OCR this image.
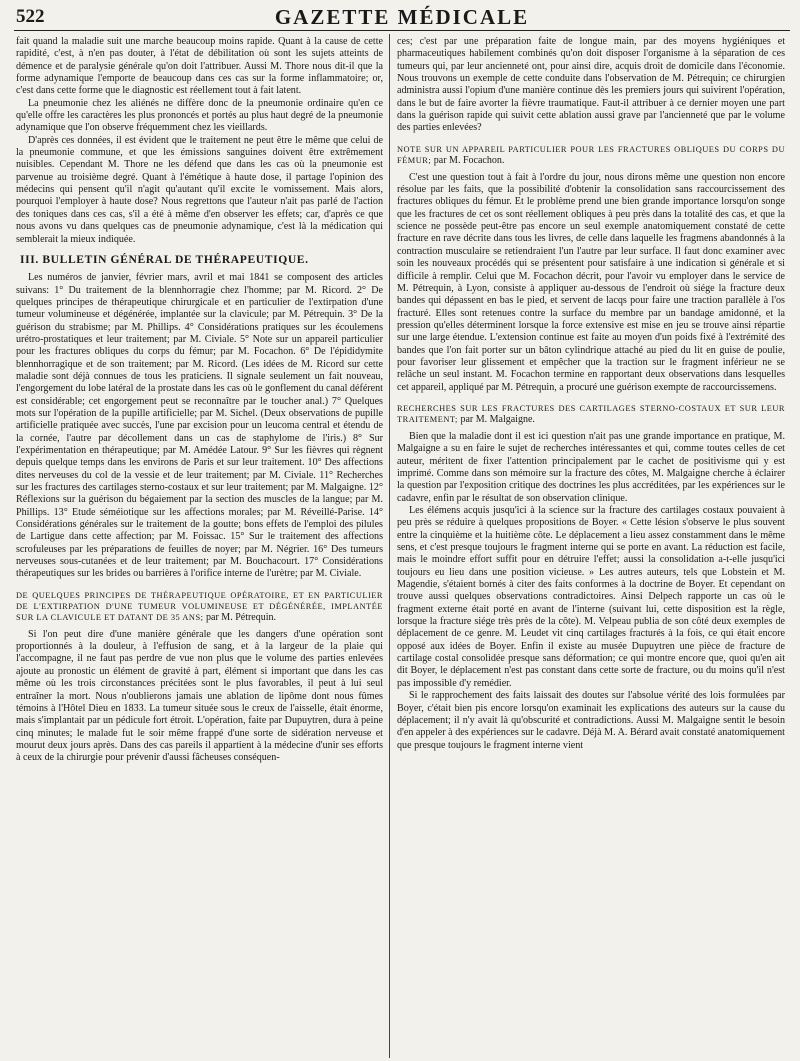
522	GAZETTE MÉDICALE

fait quand la maladie suit une marche beaucoup moins rapide. Quant à la cause de cette rapidité, c'est, à n'en pas douter, à l'état de débilitation où sont les sujets atteints de démence et de paralysie générale qu'on doit l'attribuer. Aussi M. Thore nous dit-il que la forme adynamique l'emporte de beaucoup dans ces cas sur la forme inflammatoire; or, c'est dans cette forme que le diagnostic est réellement tout à fait latent.

La pneumonie chez les aliénés ne diffère donc de la pneumonie ordinaire qu'en ce qu'elle offre les caractères les plus prononcés et portés au plus haut degré de la pneumonie adynamique que l'on observe fréquemment chez les vieillards.

D'après ces données, il est évident que le traitement ne peut être le même que celui de la pneumonie commune, et que les émissions sanguines doivent être extrêmement nuisibles. Cependant M. Thore ne les défend que dans les cas où la pneumonie est parvenue au troisième degré. Quant à l'émétique à haute dose, il partage l'opinion des médecins qui pensent qu'il n'agit qu'autant qu'il excite le vomissement. Mais alors, pourquoi l'employer à haute dose? Nous regrettons que l'auteur n'ait pas parlé de l'action des toniques dans ces cas, s'il a été à même d'en observer les effets; car, d'après ce que nous avons vu dans quelques cas de pneumonie adynamique, c'est là la médication qui semblerait la mieux indiquée.

III. BULLETIN GÉNÉRAL DE THÉRAPEUTIQUE.

Les numéros de janvier, février mars, avril et mai 1841 se composent des articles suivans: 1° Du traitement de la blennhorragie chez l'homme; par M. Ricord. 2° De quelques principes de thérapeutique chirurgicale et en particulier de l'extirpation d'une tumeur volumineuse et dégénérée, implantée sur la clavicule; par M. Pétrequin. 3° De la guérison du strabisme; par M. Phillips. 4° Considérations pratiques sur les écoulemens urétro-prostatiques et leur traitement; par M. Civiale. 5° Note sur un appareil particulier pour les fractures obliques du corps du fémur; par M. Focachon. 6° De l'épididymite blennhorragique et de son traitement; par M. Ricord. (Les idées de M. Ricord sur cette maladie sont déjà connues de tous les praticiens. Il signale seulement un fait nouveau, l'engorgement du lobe latéral de la prostate dans les cas où le gonflement du canal déférent est considérable; cet engorgement peut se reconnaître par le toucher anal.) 7° Quelques mots sur l'opération de la pupille artificielle; par M. Sichel. (Deux observations de pupille artificielle pratiquée avec succès, l'une par excision pour un leucoma central et étendu de la cornée, l'autre par décollement dans un cas de staphylome de l'iris.) 8° Sur l'expérimentation en thérapeutique; par M. Amédée Latour. 9° Sur les fièvres qui règnent depuis quelque temps dans les environs de Paris et sur leur traitement. 10° Des affections dites nerveuses du col de la vessie et de leur traitement; par M. Civiale. 11° Recherches sur les fractures des cartilages sterno-costaux et sur leur traitement; par M. Malgaigne. 12° Réflexions sur la guérison du bégaiement par la section des muscles de la langue; par M. Phillips. 13° Etude séméiotique sur les affections morales; par M. Réveillé-Parise. 14° Considérations générales sur le traitement de la goutte; bons effets de l'emploi des pilules de Lartigue dans cette affection; par M. Foissac. 15° Sur le traitement des affections scrofuleuses par les préparations de feuilles de noyer; par M. Négrier. 16° Des tumeurs nerveuses sous-cutanées et de leur traitement; par M. Bouchacourt. 17° Considérations thérapeutiques sur les brides ou barrières à l'orifice interne de l'urètre; par M. Civiale.

DE QUELQUES PRINCIPES DE THÉRAPEUTIQUE OPÉRATOIRE, ET EN PARTICULIER DE L'EXTIRPATION D'UNE TUMEUR VOLUMINEUSE ET DÉGÉNÉRÉE, IMPLANTÉE SUR LA CLAVICULE ET DATANT DE 35 ANS; par M. Pétrequin.

Si l'on peut dire d'une manière générale que les dangers d'une opération sont proportionnés à la douleur, à l'effusion de sang, et à la largeur de la plaie qui l'accompagne, il ne faut pas perdre de vue non plus que le volume des parties enlevées ajoute au pronostic un élément de gravité à part, élément si important que dans les cas même où les trois circonstances précitées sont le plus favorables, il peut à lui seul entraîner la mort. Nous n'oublierons jamais une ablation de lipôme dont nous fûmes témoins à l'Hôtel Dieu en 1833. La tumeur située sous le creux de l'aisselle, était énorme, mais s'implantait par un pédicule fort étroit. L'opération, faite par Dupuytren, dura à peine cinq minutes; le malade fut le soir même frappé d'une sorte de sidération nerveuse et mourut deux jours après. Dans des cas pareils il appartient à la médecine d'unir ses efforts à ceux de la chirurgie pour prévenir d'aussi fâcheuses conséquen-

ces; c'est par une préparation faite de longue main, par des moyens hygiéniques et pharmaceutiques habilement combinés qu'on doit disposer l'organisme à la séparation de ces tumeurs qui, par leur ancienneté ont, pour ainsi dire, acquis droit de domicile dans l'économie. Nous trouvons un exemple de cette conduite dans l'observation de M. Pétrequin; ce chirurgien administra aussi l'opium d'une manière continue dès les premiers jours qui suivirent l'opération, dans le but de faire avorter la fièvre traumatique. Faut-il attribuer à ce dernier moyen une part dans la guérison rapide qui suivit cette ablation aussi grave par l'ancienneté que par le volume des parties enlevées?

NOTE SUR UN APPAREIL PARTICULIER POUR LES FRACTURES OBLIQUES DU CORPS DU FÉMUR; par M. Focachon.

C'est une question tout à fait à l'ordre du jour, nous dirons même une question non encore résolue par les faits, que la possibilité d'obtenir la consolidation sans raccourcissement des fractures obliques du fémur. Et le problème prend une bien grande importance lorsqu'on songe que les fractures de cet os sont réellement obliques à peu près dans la totalité des cas, et que la science ne possède peut-être pas encore un seul exemple anatomiquement constaté de cette fracture en rave décrite dans tous les livres, de celle dans laquelle les fragmens abandonnés à la contraction musculaire se retiendraient l'un l'autre par leur surface. Il faut donc examiner avec soin les nouveaux procédés qui se présentent pour satisfaire à une indication si générale et si difficile à remplir. Celui que M. Focachon décrit, pour l'avoir vu employer dans le service de M. Pétrequin, à Lyon, consiste à appliquer au-dessous de l'endroit où siége la fracture deux bandes qui dépassent en bas le pied, et servent de lacqs pour faire une traction parallèle à l'os fracturé. Elles sont retenues contre la surface du membre par un bandage amidonné, et la pression qu'elles déterminent lorsque la force extensive est mise en jeu se trouve ainsi répartie sur une large étendue. L'extension continue est faite au moyen d'un poids fixé à l'extrémité des bandes que l'on fait porter sur un bâton cylindrique attaché au pied du lit en guise de poulie, pour favoriser leur glissement et empêcher que la traction sur le fragment inférieur ne se relâche un seul instant. M. Focachon termine en rapportant deux observations dans lesquelles cet appareil, appliqué par M. Pétrequin, a procuré une guérison exempte de raccourcissemens.

RECHERCHES SUR LES FRACTURES DES CARTILAGES STERNO-COSTAUX ET SUR LEUR TRAITEMENT; par M. Malgaigne.

Bien que la maladie dont il est ici question n'ait pas une grande importance en pratique, M. Malgaigne a su en faire le sujet de recherches intéressantes et qui, comme toutes celles de cet auteur, méritent de fixer l'attention principalement par le cachet de positivisme qui y est imprimé. Comme dans son mémoire sur la fracture des côtes, M. Malgaigne cherche à éclairer la question par l'exposition critique des doctrines les plus accréditées, par les expériences sur le cadavre, enfin par le résultat de son observation clinique.

Les élémens acquis jusqu'ici à la science sur la fracture des cartilages costaux pouvaient à peu près se réduire à quelques propositions de Boyer. « Cette lésion s'observe le plus souvent entre la cinquième et la huitième côte. Le déplacement a lieu assez constamment dans le même sens, et c'est presque toujours le fragment interne qui se porte en avant. La réduction est facile, mais le moindre effort suffit pour en détruire l'effet; aussi la consolidation a-t-elle jusqu'ici toujours eu lieu dans une position vicieuse. » Les autres auteurs, tels que Lobstein et M. Magendie, s'étaient bornés à citer des faits conformes à la doctrine de Boyer. Et cependant on trouve aussi quelques observations contradictoires. Ainsi Delpech rapporte un cas où le fragment externe était porté en avant de l'interne (suivant lui, cette disposition est la règle, lorsque la fracture siége très près de la côte). M. Velpeau publia de son côté deux exemples de déplacement de ce genre. M. Leudet vit cinq cartilages fracturés à la fois, ce qui était encore opposé aux idées de Boyer. Enfin il existe au musée Dupuytren une pièce de fracture de cartilage costal consolidée presque sans déformation; ce qui montre encore que, quoi qu'en ait dit Boyer, le déplacement n'est pas constant dans cette sorte de fracture, ou du moins qu'il n'est pas impossible d'y remédier.

Si le rapprochement des faits laissait des doutes sur l'absolue vérité des lois formulées par Boyer, c'était bien pis encore lorsqu'on examinait les explications des auteurs sur la cause du déplacement; il n'y avait là qu'obscurité et contradictions. Aussi M. Malgaigne sentit le besoin d'en appeler à des expériences sur le cadavre. Déjà M. A. Bérard avait constaté anatomiquement que presque toujours le fragment interne vient
